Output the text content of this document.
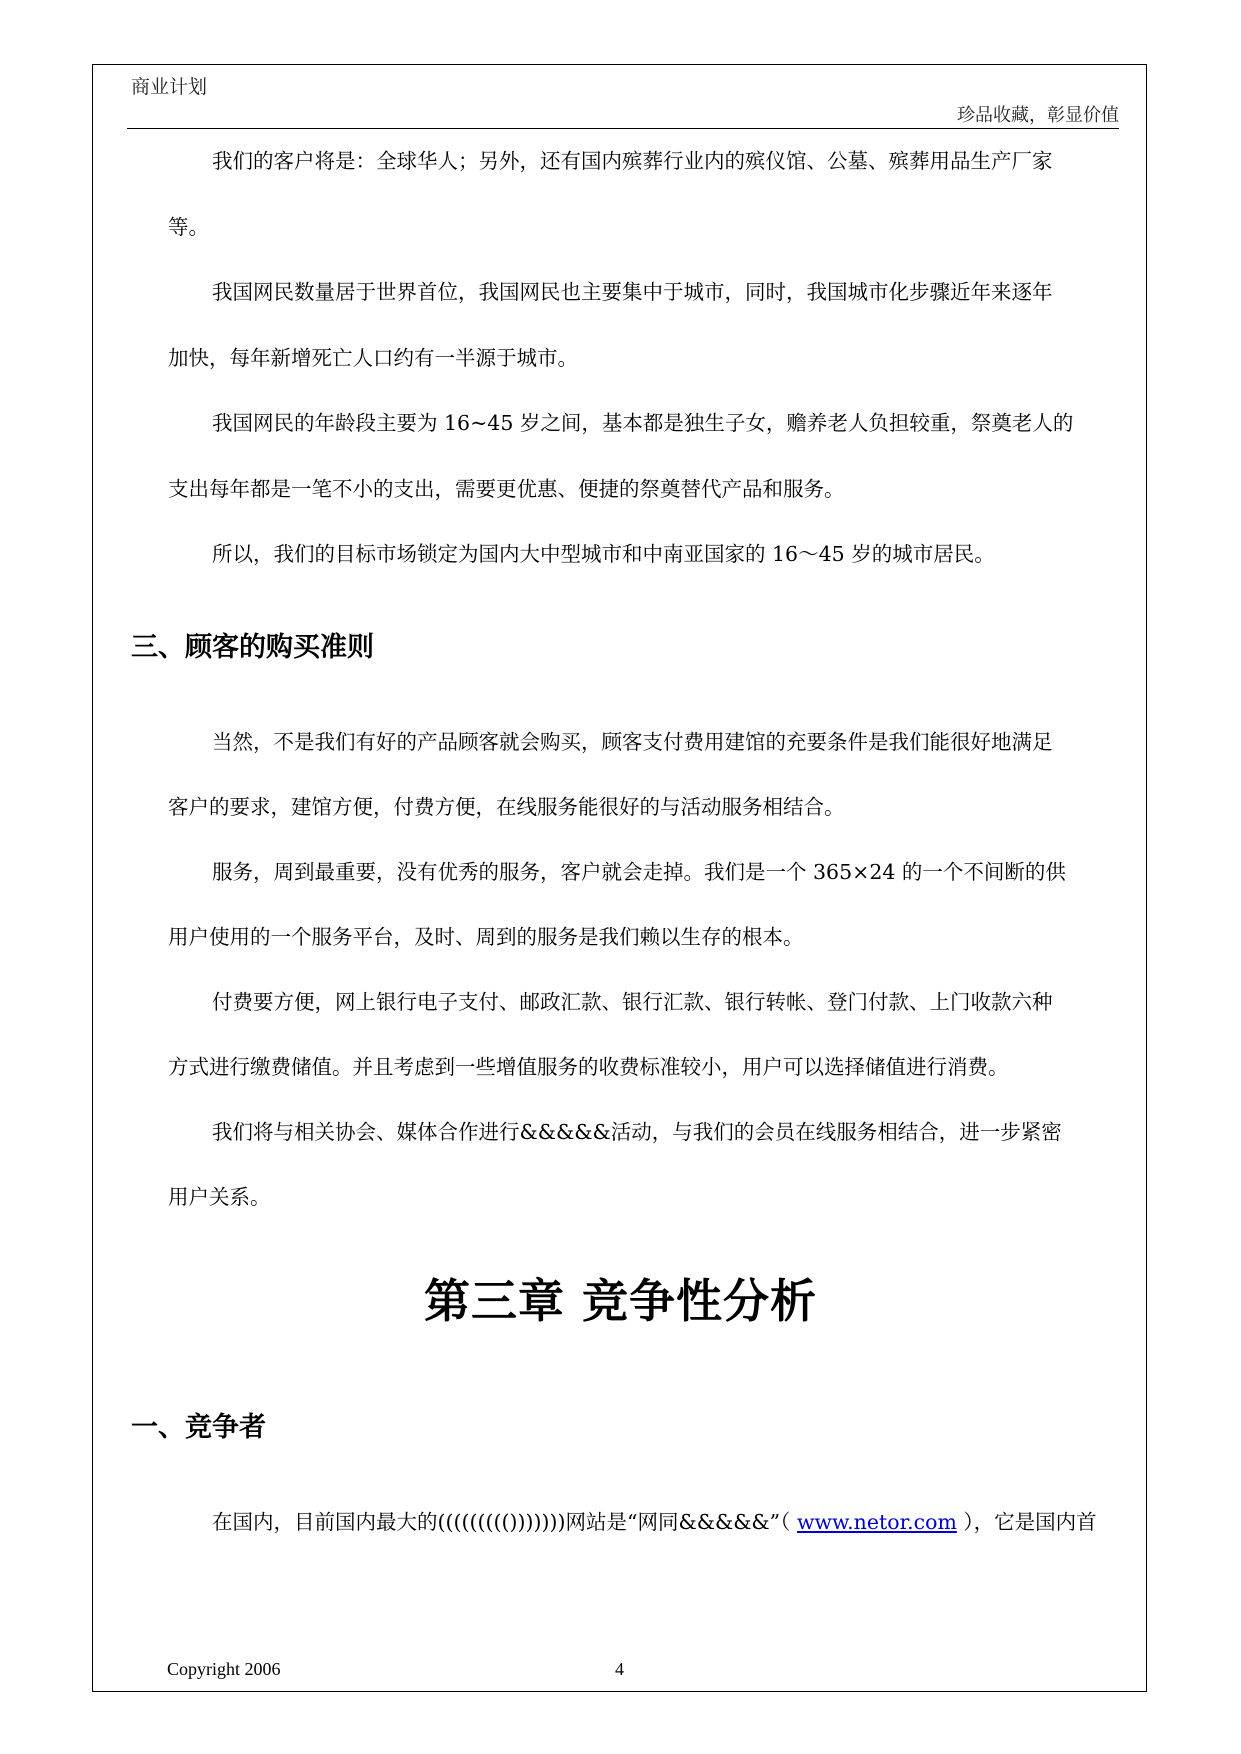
商业计划
珍品收藏，彰显价值
我们的客户将是：全球华人；另外，还有国内殡葬行业内的殡仪馆、公墓、殡葬用品生产厂家
等。
我国网民数量居于世界首位，我国网民也主要集中于城市，同时，我国城市化步骤近年来逐年
加快，每年新增死亡人口约有一半源于城市。
我国网民的年龄段主要为 16~45 岁之间，基本都是独生子女，赡养老人负担较重，祭奠老人的
支出每年都是一笔不小的支出，需要更优惠、便捷的祭奠替代产品和服务。
所以，我们的目标市场锁定为国内大中型城市和中南亚国家的 16～45 岁的城市居民。
三、顾客的购买准则
当然，不是我们有好的产品顾客就会购买，顾客支付费用建馆的充要条件是我们能很好地满足
客户的要求，建馆方便，付费方便，在线服务能很好的与活动服务相结合。
服务，周到最重要，没有优秀的服务，客户就会走掉。我们是一个 365×24 的一个不间断的供
用户使用的一个服务平台，及时、周到的服务是我们赖以生存的根本。
付费要方便，网上银行电子支付、邮政汇款、银行汇款、银行转帐、登门付款、上门收款六种
方式进行缴费储值。并且考虑到一些增值服务的收费标准较小，用户可以选择储值进行消费。
我们将与相关协会、媒体合作进行&&&&&活动，与我们的会员在线服务相结合，进一步紧密
用户关系。
第三章 竞争性分析
一、竞争者
在国内，目前国内最大的((((((((()))))))网站是“网同&&&&&”（ www.netor.com ），它是国内首
Copyright 2006	4
